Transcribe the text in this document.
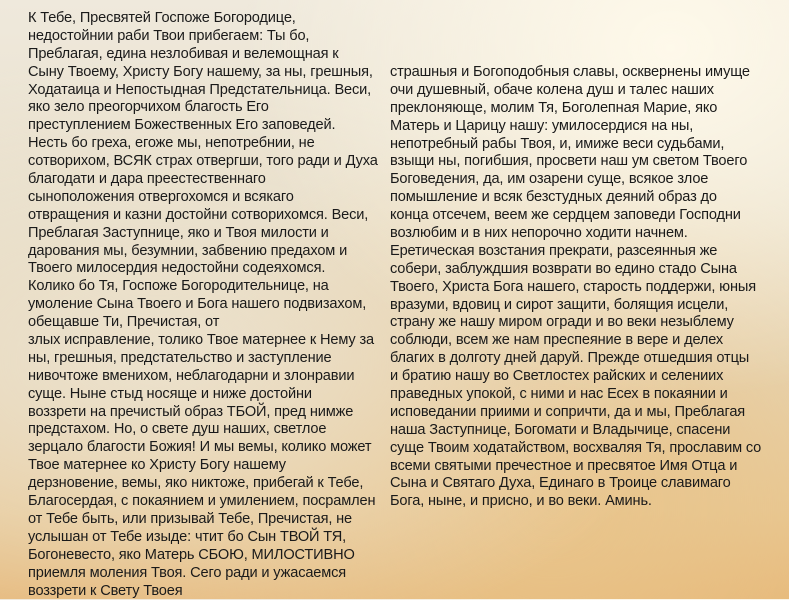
К Тебе, Пресвятей Госпоже Богородице,
недостойнии раби Твои прибегаем: Ты бо,
Преблагая, едина незлобивая и велемощная к
Сыну Твоему, Христу Богу нашему, за ны, грешныя,
Ходатаица и Непостыдная Предстательница. Веси,
яко зело преогорчихом благость Его
преступлением Божественных Его заповедей.
Несть бо греха, егоже мы, непотребнии, не
сотворихом, ВСЯК страх отвергши, того ради и Духа
благодати и дара преестественнаго
сыноположения отвергохомся и всякаго
отвращения и казни достойни сотворихомся. Веси,
Преблагая Заступнице, яко и Твоя милости и
дарования мы, безумнии, забвению предахом и
Твоего милосердия недостойни содеяхомся.
Колико бо Тя, Госпоже Богородительнице, на
умоление Сына Твоего и Бога нашего подвизахом,
обещавше Ти, Пречистая, от
злых исправление, толико Твое матернее к Нему за
ны, грешныя, предстательство и заступление
нивочтоже вменихом, неблагодарни и злонравии
суще. Ныне стыд носяще и ниже достойни
воззрети на пречистый образ ТБОЙ, пред нимже
предстахом. Но, о свете душ наших, светлое
зерцало благости Божия! И мы вемы, колико может
Твое матернее ко Христу Богу нашему
дерзновение, вемы, яко никтоже, прибегай к Тебе,
Благосердая, с покаянием и умилением, посрамлен
от Тебе быть, или призывай Тебе, Пречистая, не
услышан от Тебе изыде: чтит бо Сын ТВОЙ ТЯ,
Богоневесто, яко Матерь СБОЮ, МИЛОСТИВНО
приемля моления Твоя. Сего ради и ужасаемся
воззрети к Свету Твоея
страшныя и Богоподобныя славы, осквернены имуще
очи душевный, обаче колена душ и талес наших
преклоняюще, молим Тя, Боголепная Марие, яко
Матерь и Царицу нашу: умилосердися на ны,
непотребный рабы Твоя, и, имиже веси судьбами,
взыщи ны, погибшия, просвети наш ум светом Твоего
Боговедения, да, им озарени суще, всякое злое
помышление и всяк безстудных деяний образ до
конца отсечем, веем же сердцем заповеди Господни
возлюбим и в них непорочно ходити начнем.
Еретическая возстания прекрати, разсеянныя же
собери, заблуждшия возврати во едино стадо Сына
Твоего, Христа Бога нашего, старость поддержи, юныя
вразуми, вдовиц и сирот защити, болящия исцели,
страну же нашу миром огради и во веки незыблему
соблюди, всем же нам преспеяние в вере и делех
благих в долготу дней даруй. Прежде отшедшия отцы
и братию нашу во Светлостех райских и селениих
праведных упокой, с ними и нас Есех в покаянии и
исповедании приими и сопричти, да и мы, Преблагая
наша Заступнице, Богомати и Владычице, спасени
суще Твоим ходатайством, восхваляя Тя, прославим со
всеми святыми пречестное и пресвятое Имя Отца и
Сына и Святаго Духа, Единаго в Троице славимаго
Бога, ныне, и присно, и во веки. Аминь.
